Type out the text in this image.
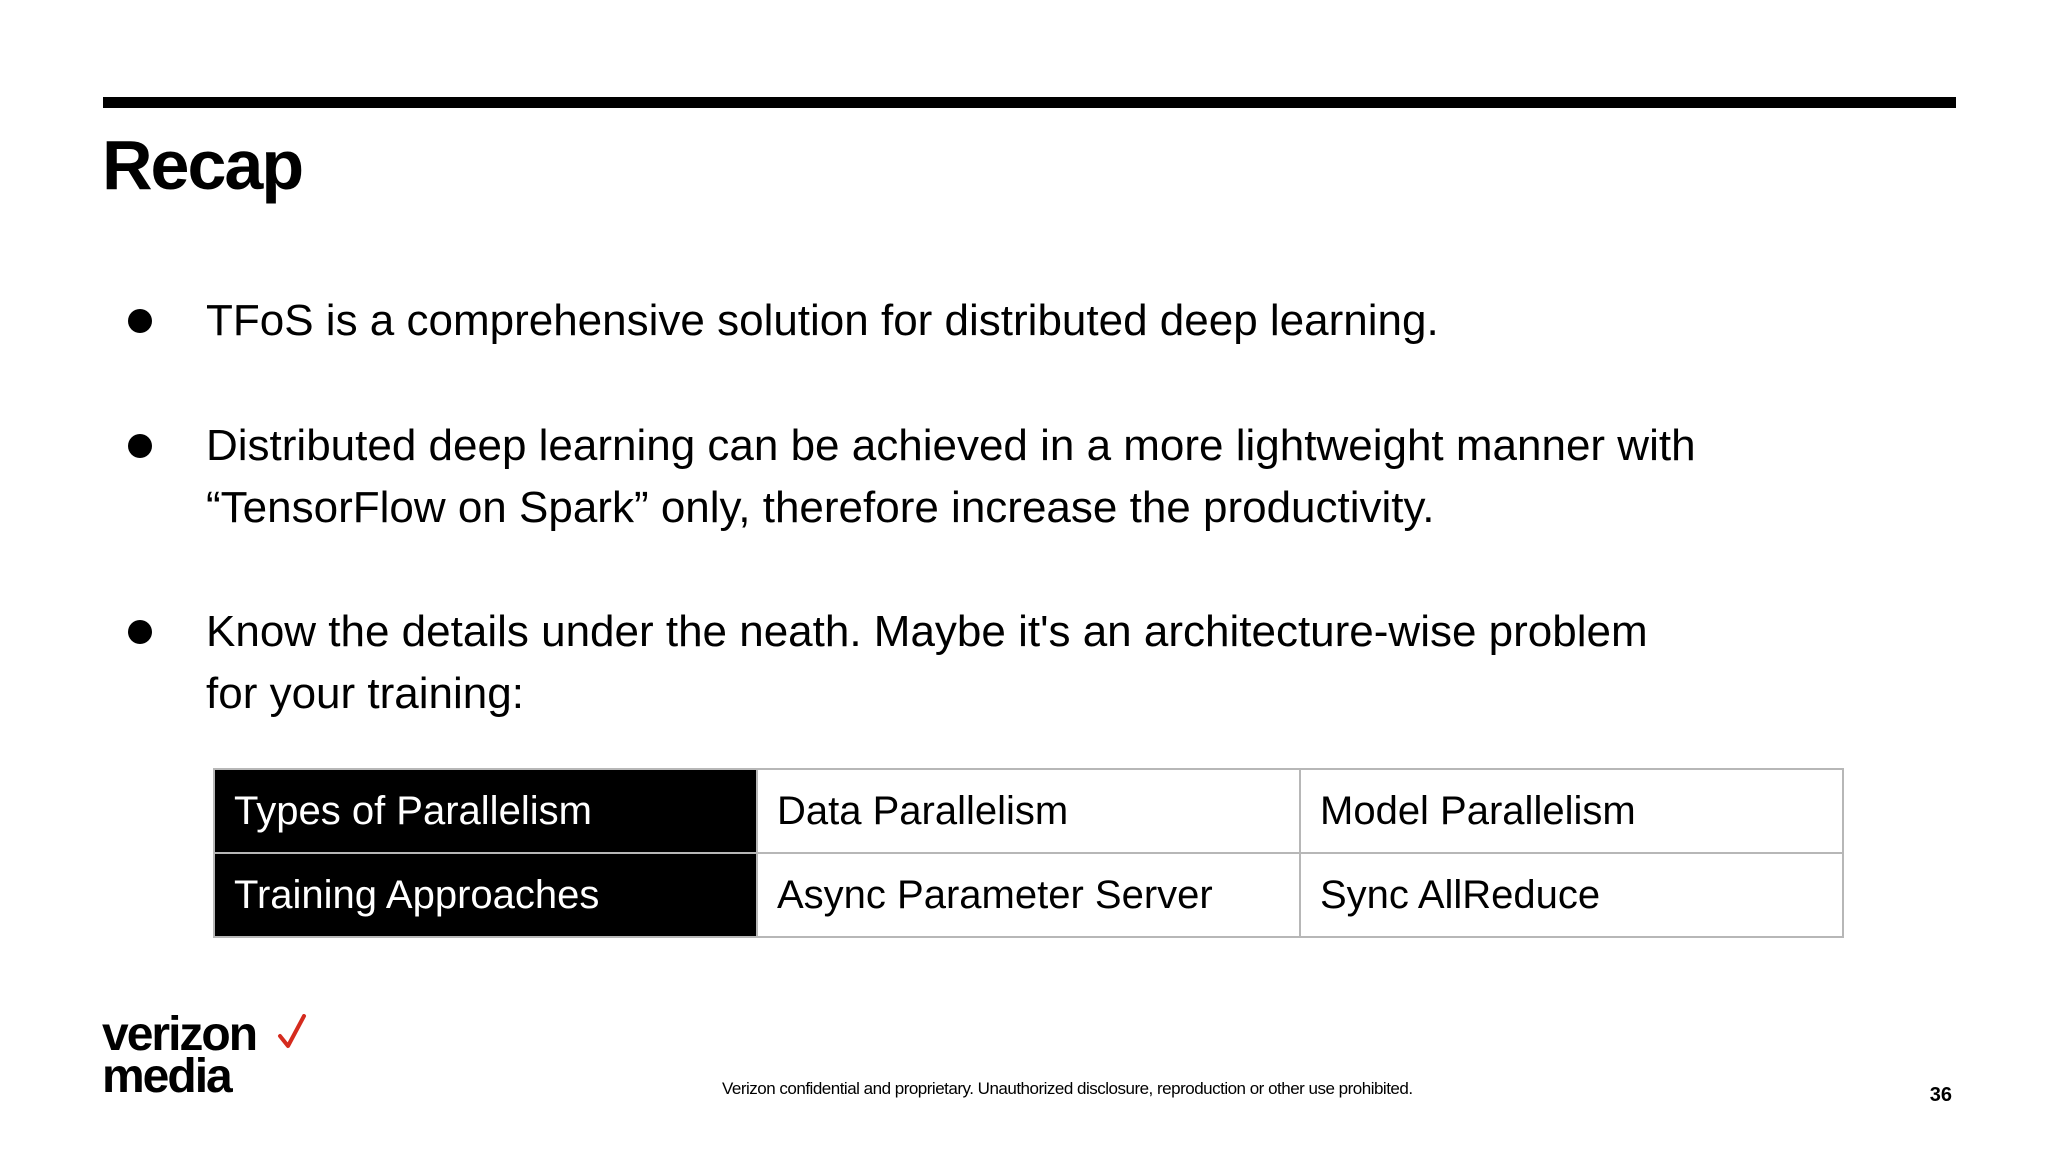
Recap

TFoS is a comprehensive solution for distributed deep learning.

Distributed deep learning can be achieved in a more lightweight manner with “TensorFlow on Spark” only, therefore increase the productivity.

Know the details under the neath. Maybe it's an architecture-wise problem for your training:

Types of Parallelism	Data Parallelism	Model Parallelism
Training Approaches	Async Parameter Server	Sync AllReduce
verizon
media	Verizon confidential and proprietary. Unauthorized disclosure, reproduction or other use prohibited.	36
